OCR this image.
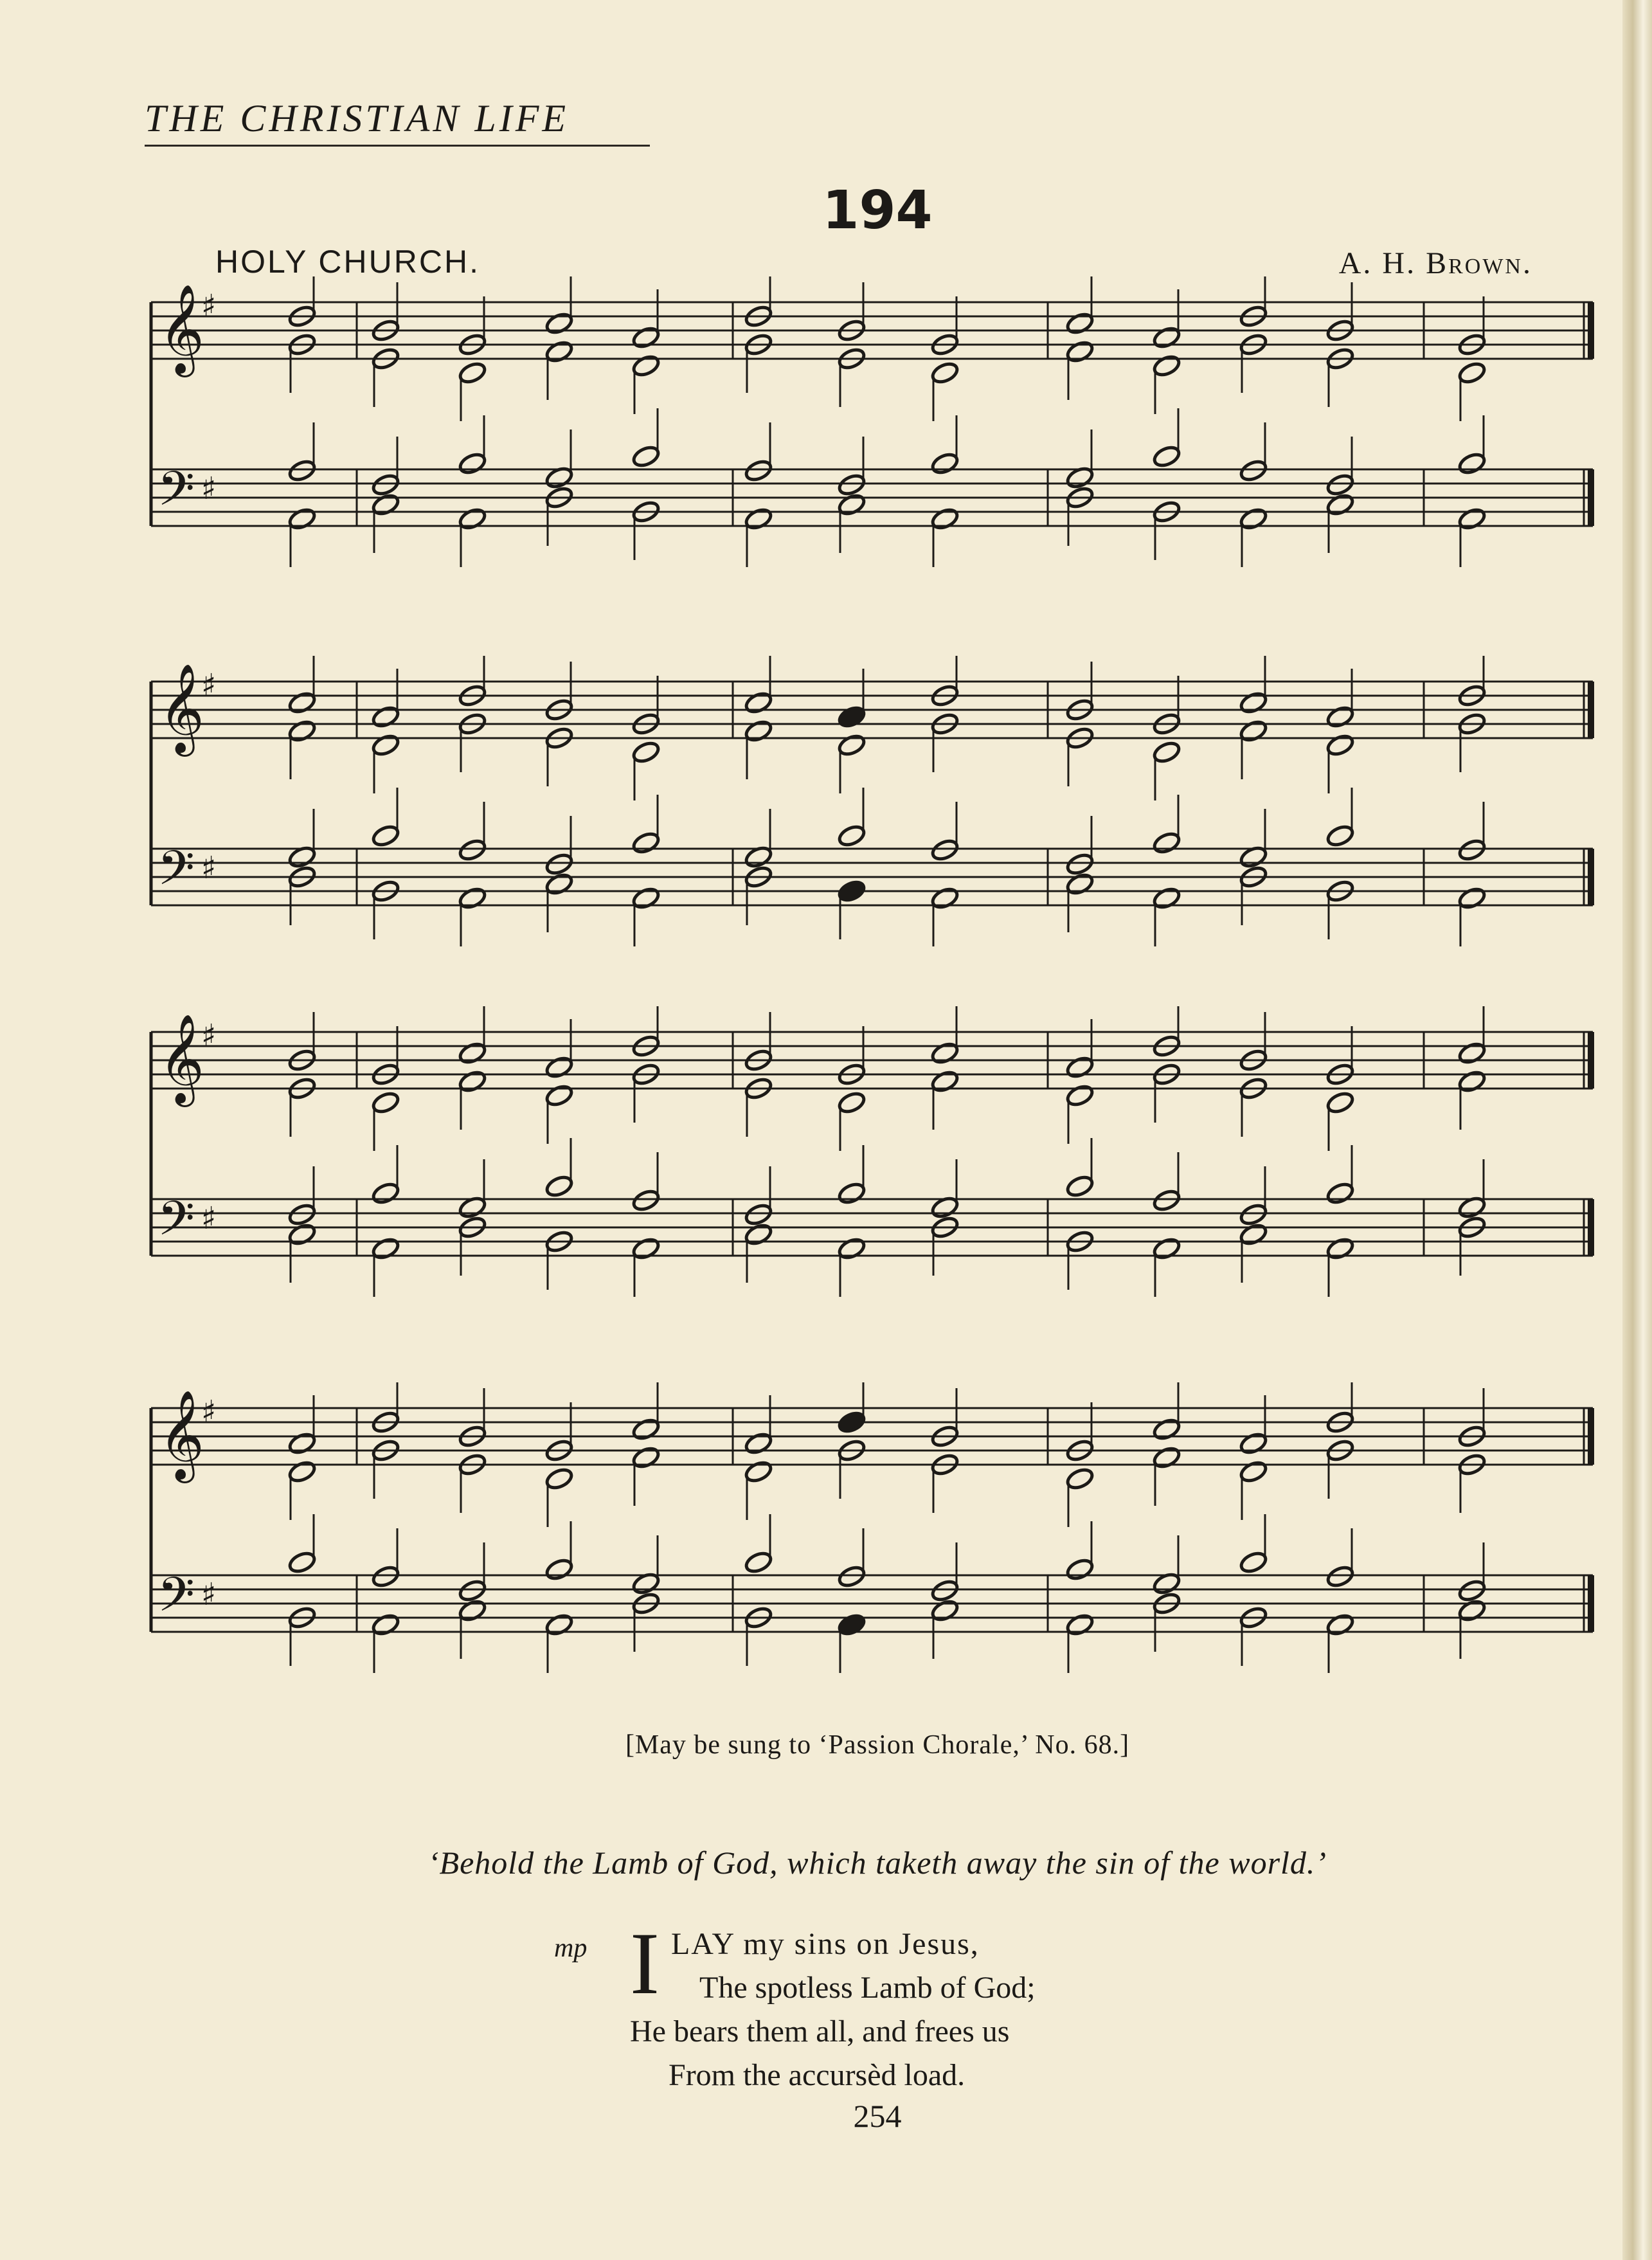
THE CHRISTIAN LIFE
194
HOLY CHURCH.	A. H. Brown.
𝄞
𝄢
♯
♯
𝄞
𝄢
♯
♯
𝄞
𝄢
♯
♯
𝄞
𝄢
♯
♯
[May be sung to ‘Passion Chorale,’ No. 68.]
‘Behold the Lamb of God, which taketh away the sin of the world.’
mp I LAY my sins on Jesus,
The spotless Lamb of God;
He bears them all, and frees us
From the accursèd load.
254
